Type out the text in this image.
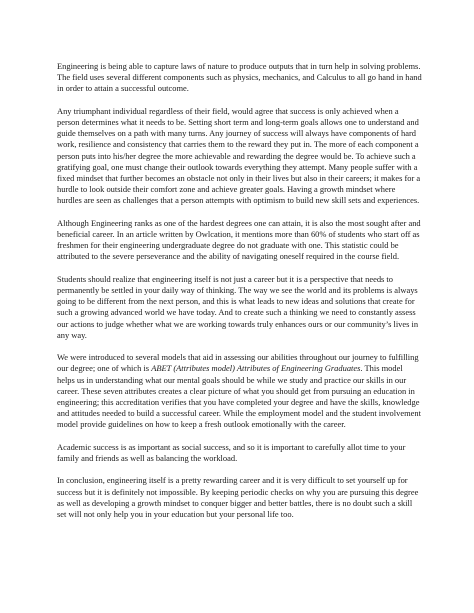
Engineering is being able to capture laws of nature to produce outputs that in turn help in solving problems. The field uses several different components such as physics, mechanics, and Calculus to all go hand in hand in order to attain a successful outcome.

Any triumphant individual regardless of their field, would agree that success is only achieved when a person determines what it needs to be. Setting short term and long-term goals allows one to understand and guide themselves on a path with many turns. Any journey of success will always have components of hard work, resilience and consistency that carries them to the reward they put in. The more of each component a person puts into his/her degree the more achievable and rewarding the degree would be. To achieve such a gratifying goal, one must change their outlook towards everything they attempt. Many people suffer with a fixed mindset that further becomes an obstacle not only in their lives but also in their careers; it makes for a hurdle to look outside their comfort zone and achieve greater goals. Having a growth mindset where hurdles are seen as challenges that a person attempts with optimism to build new skill sets and experiences.

Although Engineering ranks as one of the hardest degrees one can attain, it is also the most sought after and beneficial career. In an article written by Owlcation, it mentions more than 60% of students who start off as freshmen for their engineering undergraduate degree do not graduate with one. This statistic could be attributed to the severe perseverance and the ability of navigating oneself required in the course field.

Students should realize that engineering itself is not just a career but it is a perspective that needs to permanently be settled in your daily way of thinking. The way we see the world and its problems is always going to be different from the next person, and this is what leads to new ideas and solutions that create for such a growing advanced world we have today. And to create such a thinking we need to constantly assess our actions to judge whether what we are working towards truly enhances ours or our community’s lives in any way.

We were introduced to several models that aid in assessing our abilities throughout our journey to fulfilling our degree; one of which is ABET (Attributes model) Attributes of Engineering Graduates. This model helps us in understanding what our mental goals should be while we study and practice our skills in our career. These seven attributes creates a clear picture of what you should get from pursuing an education in engineering; this accreditation verifies that you have completed your degree and have the skills, knowledge and attitudes needed to build a successful career. While the employment model and the student involvement model provide guidelines on how to keep a fresh outlook emotionally with the career.

Academic success is as important as social success, and so it is important to carefully allot time to your family and friends as well as balancing the workload.

In conclusion, engineering itself is a pretty rewarding career and it is very difficult to set yourself up for success but it is definitely not impossible. By keeping periodic checks on why you are pursuing this degree as well as developing a growth mindset to conquer bigger and better battles, there is no doubt such a skill set will not only help you in your education but your personal life too.
